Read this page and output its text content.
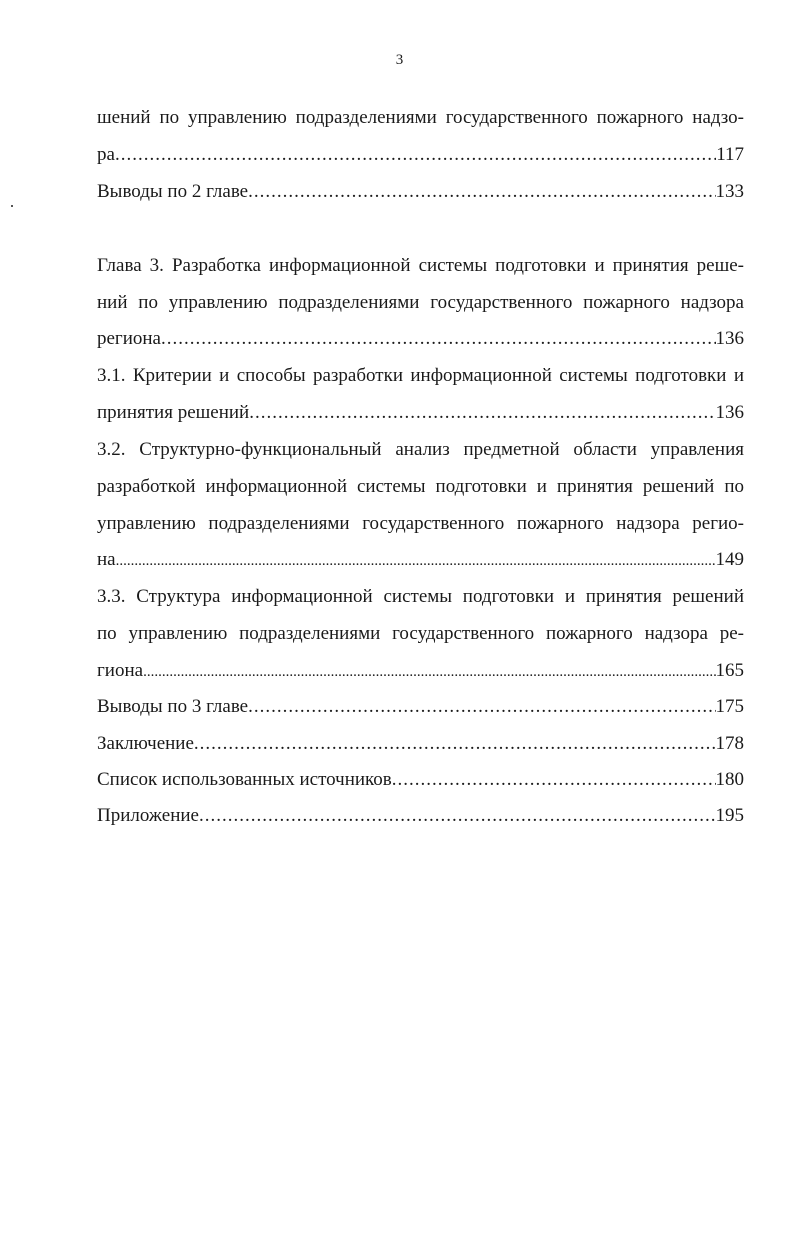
3
шений по управлению подразделениями государственного пожарного надзо-
ра .....	117
Выводы по 2 главе .....	133
Глава 3. Разработка информационной системы подготовки и принятия реше-
ний по управлению подразделениями государственного пожарного надзора
региона .....	136
3.1. Критерии и способы разработки информационной системы подготовки и
принятия решений .....	136
3.2. Структурно-функциональный анализ предметной области управления
разработкой информационной системы подготовки и принятия решений по
управлению подразделениями государственного пожарного надзора регио-
на .....	149
3.3. Структура информационной системы подготовки и принятия решений
по управлению подразделениями государственного пожарного надзора ре-
гиона .....	165
Выводы по 3 главе .....	175
Заключение .....	178
Список использованных источников .....	180
Приложение .....	195
